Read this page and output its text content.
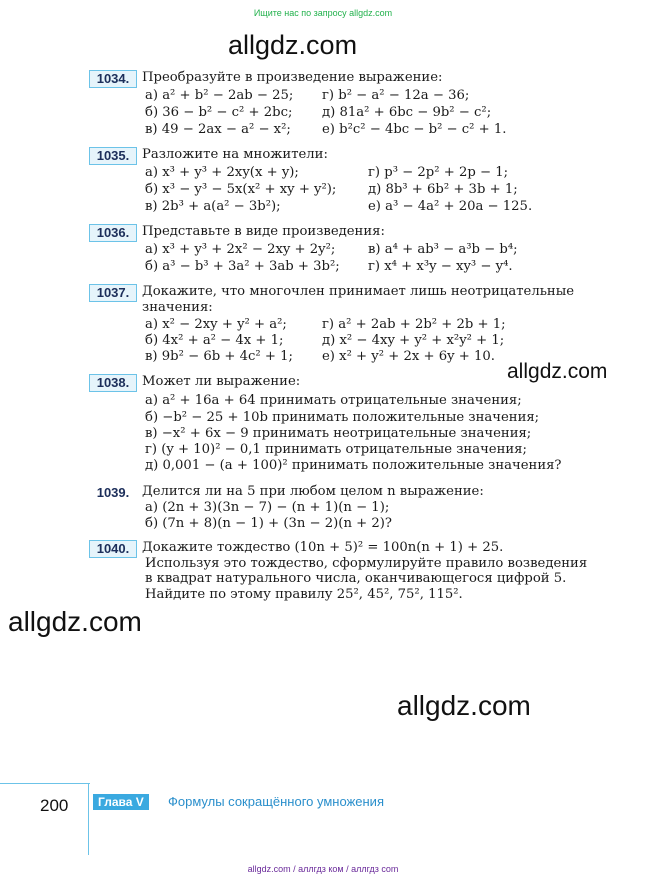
Ищите нас по запросу allgdz.com
allgdz.com
allgdz.com
allgdz.com
allgdz.com
1034. Преобразуйте в произведение выражение:
а) a² + b² − 2ab − 25;
б) 36 − b² − c² + 2bc;
в) 49 − 2ax − a² − x²;
г) b² − a² − 12a − 36;
д) 81a² + 6bc − 9b² − c²;
е) b²c² − 4bc − b² − c² + 1.
1035. Разложите на множители:
а) x³ + y³ + 2xy(x + y);
б) x³ − y³ − 5x(x² + xy + y²);
в) 2b³ + a(a² − 3b²);
г) p³ − 2p² + 2p − 1;
д) 8b³ + 6b² + 3b + 1;
е) a³ − 4a² + 20a − 125.
1036. Представьте в виде произведения:
а) x³ + y³ + 2x² − 2xy + 2y²;
б) a³ − b³ + 3a² + 3ab + 3b²;
в) a⁴ + ab³ − a³b − b⁴;
г) x⁴ + x³y − xy³ − y⁴.
1037. Докажите, что многочлен принимает лишь неотрицательные
значения:
а) x² − 2xy + y² + a²;
б) 4x² + a² − 4x + 1;
в) 9b² − 6b + 4c² + 1;
г) a² + 2ab + 2b² + 2b + 1;
д) x² − 4xy + y² + x²y² + 1;
е) x² + y² + 2x + 6y + 10.
1038. Может ли выражение:
а) a² + 16a + 64 принимать отрицательные значения;
б) −b² − 25 + 10b принимать положительные значения;
в) −x² + 6x − 9 принимать неотрицательные значения;
г) (y + 10)² − 0,1 принимать отрицательные значения;
д) 0,001 − (a + 100)² принимать положительные значения?
1039. Делится ли на 5 при любом целом n выражение:
а) (2n + 3)(3n − 7) − (n + 1)(n − 1);
б) (7n + 8)(n − 1) + (3n − 2)(n + 2)?
1040. Докажите тождество (10n + 5)² = 100n(n + 1) + 25.
Используя это тождество, сформулируйте правило возведения
в квадрат натурального числа, оканчивающегося цифрой 5.
Найдите по этому правилу 25², 45², 75², 115².
200	Глава V	Формулы сокращённого умножения
allgdz.com / аллгдз ком / аллгдз com
